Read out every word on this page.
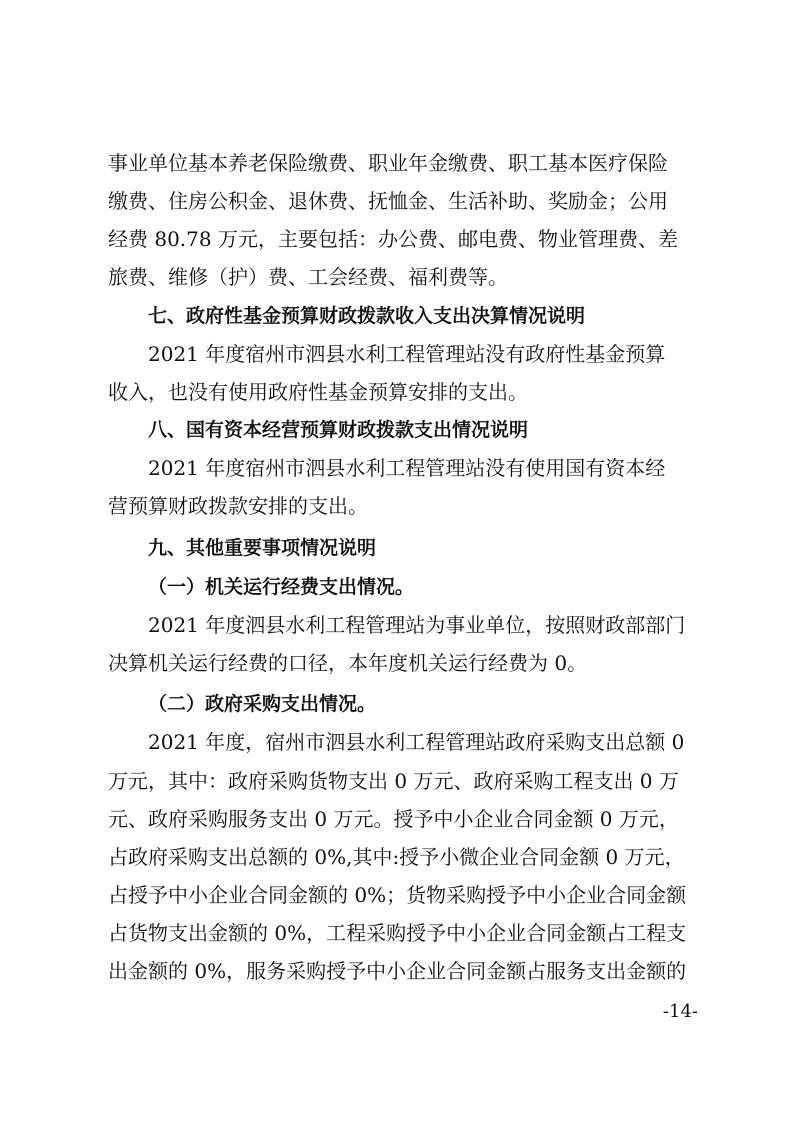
事业单位基本养老保险缴费、职业年金缴费、职工基本医疗保险
缴费、住房公积金、退休费、抚恤金、生活补助、奖励金；公用
经费 80.78 万元，主要包括：办公费、邮电费、物业管理费、差
旅费、维修（护）费、工会经费、福利费等。
七、政府性基金预算财政拨款收入支出决算情况说明
2021 年度宿州市泗县水利工程管理站没有政府性基金预算
收入，也没有使用政府性基金预算安排的支出。
八、国有资本经营预算财政拨款支出情况说明
2021 年度宿州市泗县水利工程管理站没有使用国有资本经
营预算财政拨款安排的支出。
九、其他重要事项情况说明
（一）机关运行经费支出情况。
2021 年度泗县水利工程管理站为事业单位，按照财政部部门
决算机关运行经费的口径，本年度机关运行经费为 0。
（二）政府采购支出情况。
2021 年度，宿州市泗县水利工程管理站政府采购支出总额 0
万元，其中：政府采购货物支出 0 万元、政府采购工程支出 0 万
元、政府采购服务支出 0 万元。授予中小企业合同金额 0 万元，
占政府采购支出总额的 0%,其中:授予小微企业合同金额 0 万元，
占授予中小企业合同金额的 0%；货物采购授予中小企业合同金额
占货物支出金额的 0%，工程采购授予中小企业合同金额占工程支
出金额的 0%，服务采购授予中小企业合同金额占服务支出金额的
-14-
